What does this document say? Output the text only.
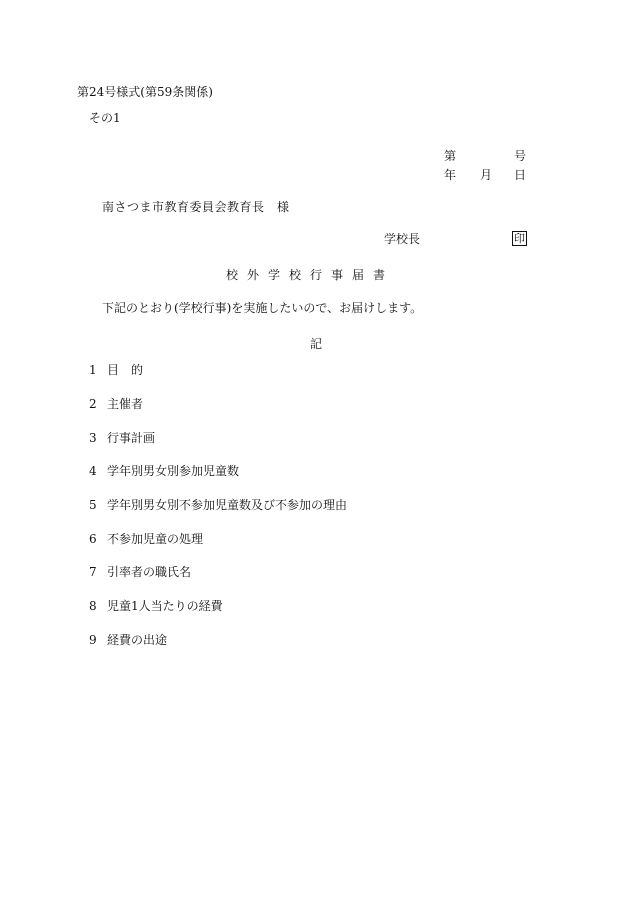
第24号様式(第59条関係)
その1
第	号
年 月 日
南さつま市教育委員会教育長　様
学校長	印
校外学校行事届書
下記のとおり(学校行事)を実施したいので、お届けします。
記
1 目　的
2 主催者
3 行事計画
4 学年別男女別参加児童数
5 学年別男女別不参加児童数及び不参加の理由
6 不参加児童の処理
7 引率者の職氏名
8 児童1人当たりの経費
9 経費の出途
